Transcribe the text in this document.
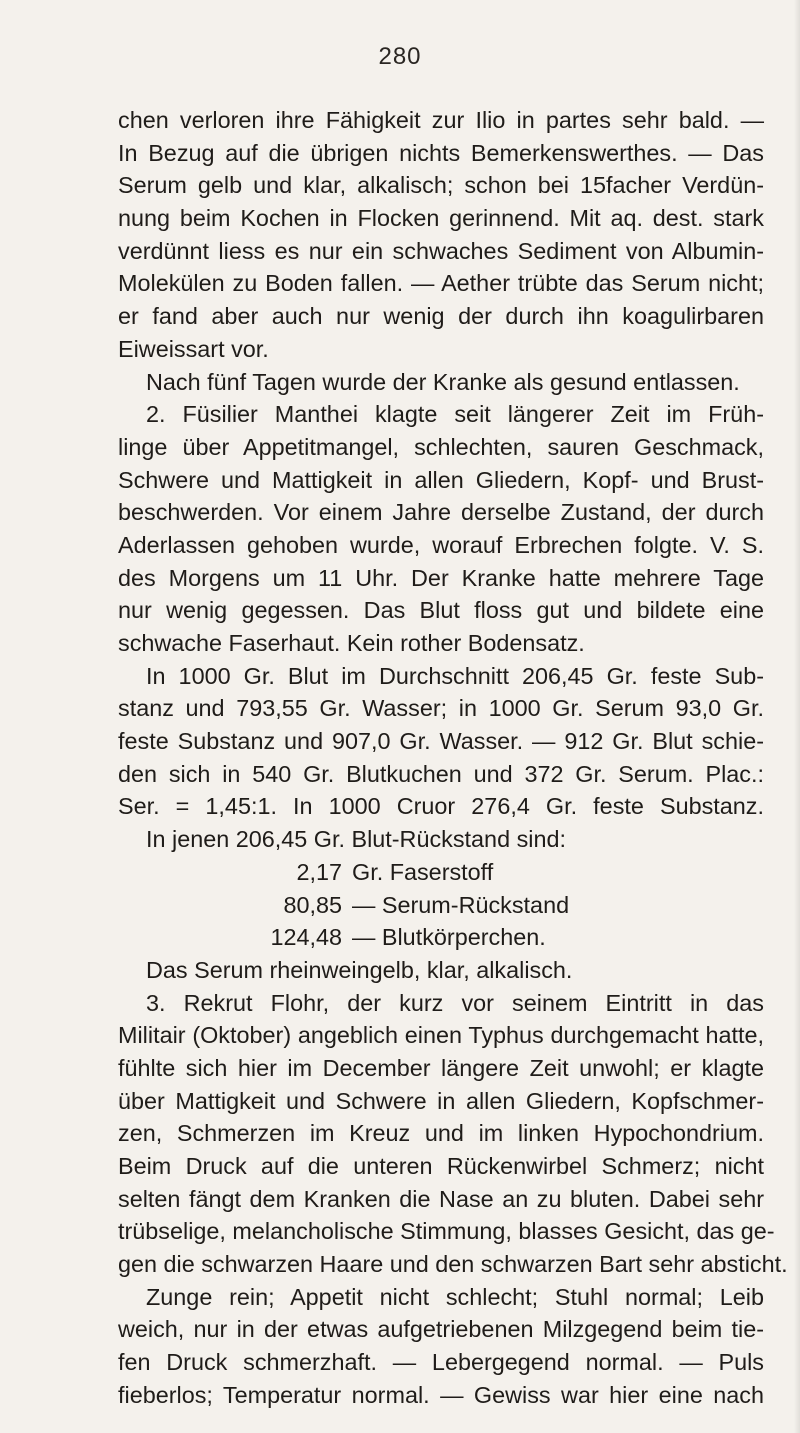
280
chen verloren ihre Fähigkeit zur Ilio in partes sehr bald. —
In Bezug auf die übrigen nichts Bemerkenswerthes. — Das
Serum gelb und klar, alkalisch; schon bei 15facher Verdün-
nung beim Kochen in Flocken gerinnend. Mit aq. dest. stark
verdünnt liess es nur ein schwaches Sediment von Albumin-
Molekülen zu Boden fallen. — Aether trübte das Serum nicht;
er fand aber auch nur wenig der durch ihn koagulirbaren
Eiweissart vor.
Nach fünf Tagen wurde der Kranke als gesund entlassen.
2. Füsilier Manthei klagte seit längerer Zeit im Früh-
linge über Appetitmangel, schlechten, sauren Geschmack,
Schwere und Mattigkeit in allen Gliedern, Kopf- und Brust-
beschwerden. Vor einem Jahre derselbe Zustand, der durch
Aderlassen gehoben wurde, worauf Erbrechen folgte. V. S.
des Morgens um 11 Uhr. Der Kranke hatte mehrere Tage
nur wenig gegessen. Das Blut floss gut und bildete eine
schwache Faserhaut. Kein rother Bodensatz.
In 1000 Gr. Blut im Durchschnitt 206,45 Gr. feste Sub-
stanz und 793,55 Gr. Wasser; in 1000 Gr. Serum 93,0 Gr.
feste Substanz und 907,0 Gr. Wasser. — 912 Gr. Blut schie-
den sich in 540 Gr. Blutkuchen und 372 Gr. Serum. Plac.:
Ser. = 1,45:1. In 1000 Cruor 276,4 Gr. feste Substanz.
In jenen 206,45 Gr. Blut-Rückstand sind:
2,17 Gr. Faserstoff
80,85 — Serum-Rückstand
124,48 — Blutkörperchen.
Das Serum rheinweingelb, klar, alkalisch.
3. Rekrut Flohr, der kurz vor seinem Eintritt in das
Militair (Oktober) angeblich einen Typhus durchgemacht hatte,
fühlte sich hier im December längere Zeit unwohl; er klagte
über Mattigkeit und Schwere in allen Gliedern, Kopfschmer-
zen, Schmerzen im Kreuz und im linken Hypochondrium.
Beim Druck auf die unteren Rückenwirbel Schmerz; nicht
selten fängt dem Kranken die Nase an zu bluten. Dabei sehr
trübselige, melancholische Stimmung, blasses Gesicht, das ge-
gen die schwarzen Haare und den schwarzen Bart sehr absticht.
Zunge rein; Appetit nicht schlecht; Stuhl normal; Leib
weich, nur in der etwas aufgetriebenen Milzgegend beim tie-
fen Druck schmerzhaft. — Lebergegend normal. — Puls
fieberlos; Temperatur normal. — Gewiss war hier eine nach
